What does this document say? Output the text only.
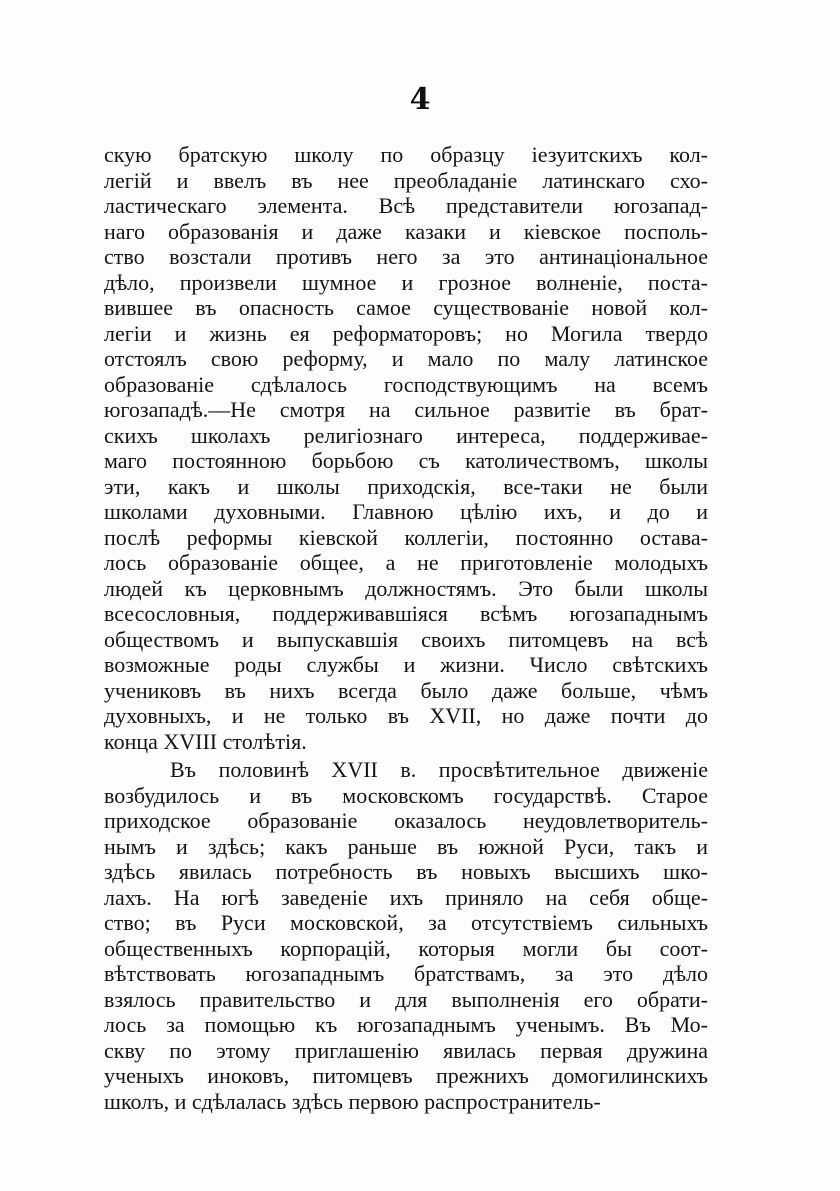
4
скую братскую школу по образцу іезуитскихъ кол-
легій и ввелъ въ нее преобладаніе латинскаго схо-
ластическаго элемента. Всѣ представители югозапад-
наго образованія и даже казаки и кіевское посполь-
ство возстали противъ него за это антинаціональное
дѣло, произвели шумное и грозное волненіе, поста-
вившее въ опасность самое существованіе новой кол-
легіи и жизнь ея реформаторовъ; но Могила твердо
отстоялъ свою реформу, и мало по малу латинское
образованіе сдѣлалось господствующимъ на всемъ
югозападѣ.—Не смотря на сильное развитіе въ брат-
скихъ школахъ религіознаго интереса, поддерживае-
маго постоянною борьбою съ католичествомъ, школы
эти, какъ и школы приходскія, все-таки не были
школами духовными. Главною цѣлію ихъ, и до и
послѣ реформы кіевской коллегіи, постоянно остава-
лось образованіе общее, а не приготовленіе молодыхъ
людей къ церковнымъ должностямъ. Это были школы
всесословныя, поддерживавшіяся всѣмъ югозападнымъ
обществомъ и выпускавшія своихъ питомцевъ на всѣ
возможные роды службы и жизни. Число свѣтскихъ
учениковъ въ нихъ всегда было даже больше, чѣмъ
духовныхъ, и не только въ XVII, но даже почти до
конца XVIII столѣтія.
Въ половинѣ XVII в. просвѣтительное движеніе
возбудилось и въ московскомъ государствѣ. Старое
приходское образованіе оказалось неудовлетворитель-
нымъ и здѣсь; какъ раньше въ южной Руси, такъ и
здѣсь явилась потребность въ новыхъ высшихъ шко-
лахъ. На югѣ заведеніе ихъ приняло на себя обще-
ство; въ Руси московской, за отсутствіемъ сильныхъ
общественныхъ корпорацій, которыя могли бы соот-
вѣтствовать югозападнымъ братствамъ, за это дѣло
взялось правительство и для выполненія его обрати-
лось за помощью къ югозападнымъ ученымъ. Въ Мо-
скву по этому приглашенію явилась первая дружина
ученыхъ иноковъ, питомцевъ прежнихъ домогилинскихъ
школъ, и сдѣлалась здѣсь первою распространитель-
